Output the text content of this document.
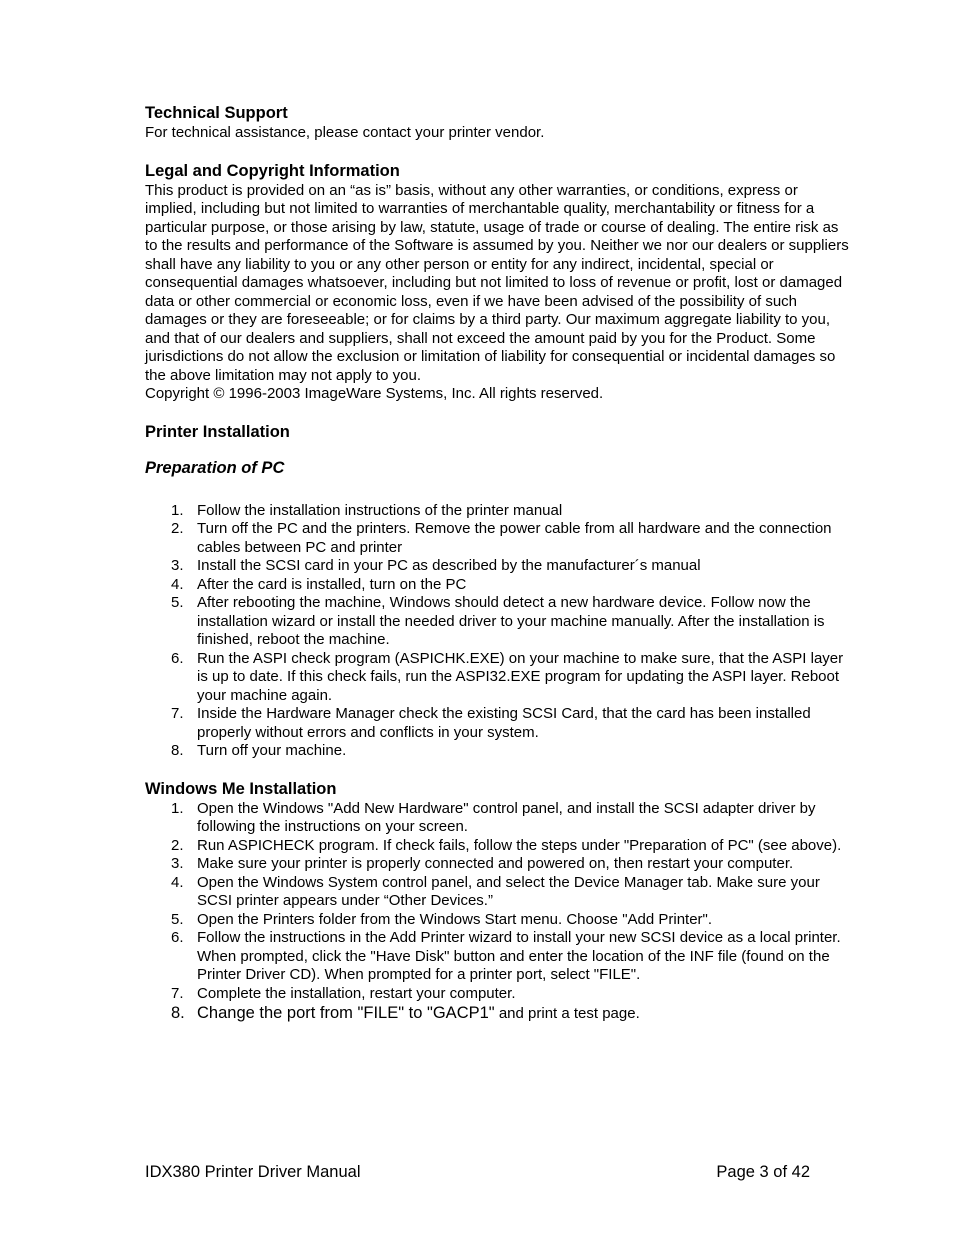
Technical Support

For technical assistance, please contact your printer vendor.

Legal and Copyright Information

This product is provided on an “as is” basis, without any other warranties, or conditions, express or implied, including but not limited to warranties of merchantable quality, merchantability or fitness for a particular purpose, or those arising by law, statute, usage of trade or course of dealing. The entire risk as to the results and performance of the Software is assumed by you. Neither we nor our dealers or suppliers shall have any liability to you or any other person or entity for any indirect, incidental, special or consequential damages whatsoever, including but not limited to loss of revenue or profit, lost or damaged data or other commercial or economic loss, even if we have been advised of the possibility of such damages or they are foreseeable; or for claims by a third party. Our maximum aggregate liability to you, and that of our dealers and suppliers, shall not exceed the amount paid by you for the Product. Some jurisdictions do not allow the exclusion or limitation of liability for consequential or incidental damages so the above limitation may not apply to you.

Copyright © 1996-2003 ImageWare Systems, Inc. All rights reserved.

Printer Installation
Preparation of PC
1. Follow the installation instructions of the printer manual
2. Turn off the PC and the printers. Remove the power cable from all hardware and the connection cables between PC and printer
3. Install the SCSI card in your PC as described by the manufacturer´s manual
4. After the card is installed, turn on the PC
5. After rebooting the machine, Windows should detect a new hardware device. Follow now the installation wizard or install the needed driver to your machine manually. After the installation is finished, reboot the machine.
6. Run the ASPI check program (ASPICHK.EXE) on your machine to make sure, that the ASPI layer is up to date. If this check fails, run the ASPI32.EXE program for updating the ASPI layer. Reboot your machine again.
7. Inside the Hardware Manager check the existing SCSI Card, that the card has been installed properly without errors and conflicts in your system.
8. Turn off your machine.
Windows Me Installation
1. Open the Windows "Add New Hardware" control panel, and install the SCSI adapter driver by following the instructions on your screen.
2. Run ASPICHECK program. If check fails, follow the steps under "Preparation of PC" (see above).
3. Make sure your printer is properly connected and powered on, then restart your computer.
4. Open the Windows System control panel, and select the Device Manager tab. Make sure your SCSI printer appears under “Other Devices.”
5. Open the Printers folder from the Windows Start menu. Choose "Add Printer".
6. Follow the instructions in the Add Printer wizard to install your new SCSI device as a local printer. When prompted, click the "Have Disk" button and enter the location of the INF file (found on the Printer Driver CD). When prompted for a printer port, select "FILE".
7. Complete the installation, restart your computer.
8. Change the port from "FILE" to "GACP1" and print a test page.
IDX380 Printer Driver Manual	Page 3 of 42
